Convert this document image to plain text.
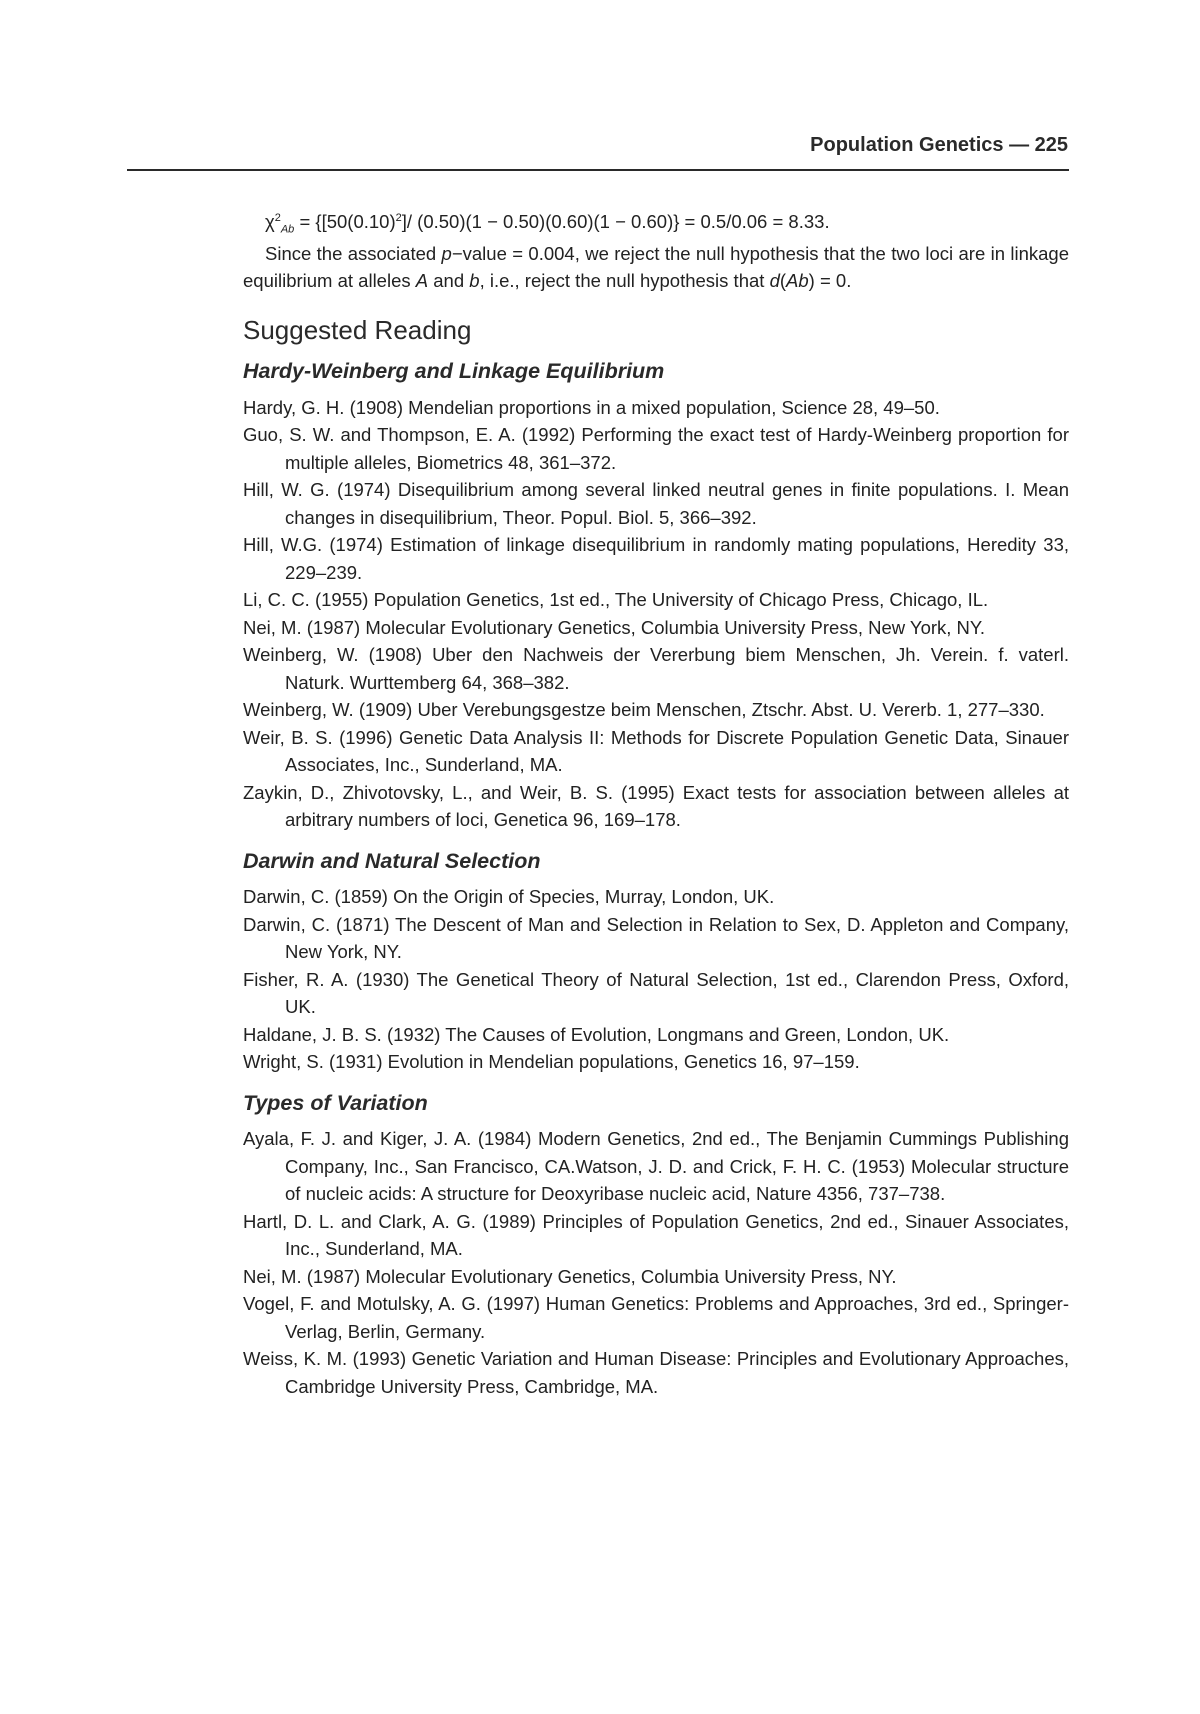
Population Genetics — 225

$\chi^2_{Ab} = \{[50(0.10)^2]/$ (0.50)(1 − 0.50)(0.60)(1 − 0.60)} = 0.5/0.06 = 8.33.

Since the associated p−value = 0.004, we reject the null hypothesis that the two loci are in linkage equilibrium at alleles A and b, i.e., reject the null hypothesis that d(Ab) = 0.

Suggested Reading
Hardy-Weinberg and Linkage Equilibrium
Hardy, G. H. (1908) Mendelian proportions in a mixed population, Science 28, 49–50.
Guo, S. W. and Thompson, E. A. (1992) Performing the exact test of Hardy-Weinberg proportion for multiple alleles, Biometrics 48, 361–372.
Hill, W. G. (1974) Disequilibrium among several linked neutral genes in finite populations. I. Mean changes in disequilibrium, Theor. Popul. Biol. 5, 366–392.
Hill, W.G. (1974) Estimation of linkage disequilibrium in randomly mating populations, Heredity 33, 229–239.
Li, C. C. (1955) Population Genetics, 1st ed., The University of Chicago Press, Chicago, IL.
Nei, M. (1987) Molecular Evolutionary Genetics, Columbia University Press, New York, NY.
Weinberg, W. (1908) Uber den Nachweis der Vererbung biem Menschen, Jh. Verein. f. vaterl. Naturk. Wurttemberg 64, 368–382.
Weinberg, W. (1909) Uber Verebungsgestze beim Menschen, Ztschr. Abst. U. Vererb. 1, 277–330.
Weir, B. S. (1996) Genetic Data Analysis II: Methods for Discrete Population Genetic Data, Sinauer Associates, Inc., Sunderland, MA.
Zaykin, D., Zhivotovsky, L., and Weir, B. S. (1995) Exact tests for association between alleles at arbitrary numbers of loci, Genetica 96, 169–178.
Darwin and Natural Selection
Darwin, C. (1859) On the Origin of Species, Murray, London, UK.
Darwin, C. (1871) The Descent of Man and Selection in Relation to Sex, D. Appleton and Company, New York, NY.
Fisher, R. A. (1930) The Genetical Theory of Natural Selection, 1st ed., Clarendon Press, Oxford, UK.
Haldane, J. B. S. (1932) The Causes of Evolution, Longmans and Green, London, UK.
Wright, S. (1931) Evolution in Mendelian populations, Genetics 16, 97–159.
Types of Variation
Ayala, F. J. and Kiger, J. A. (1984) Modern Genetics, 2nd ed., The Benjamin Cummings Publishing Company, Inc., San Francisco, CA.Watson, J. D. and Crick, F. H. C. (1953) Molecular structure of nucleic acids: A structure for Deoxyribase nucleic acid, Nature 4356, 737–738.
Hartl, D. L. and Clark, A. G. (1989) Principles of Population Genetics, 2nd ed., Sinauer Associates, Inc., Sunderland, MA.
Nei, M. (1987) Molecular Evolutionary Genetics, Columbia University Press, NY.
Vogel, F. and Motulsky, A. G. (1997) Human Genetics: Problems and Approaches, 3rd ed., Springer-Verlag, Berlin, Germany.
Weiss, K. M. (1993) Genetic Variation and Human Disease: Principles and Evolutionary Approaches, Cambridge University Press, Cambridge, MA.
